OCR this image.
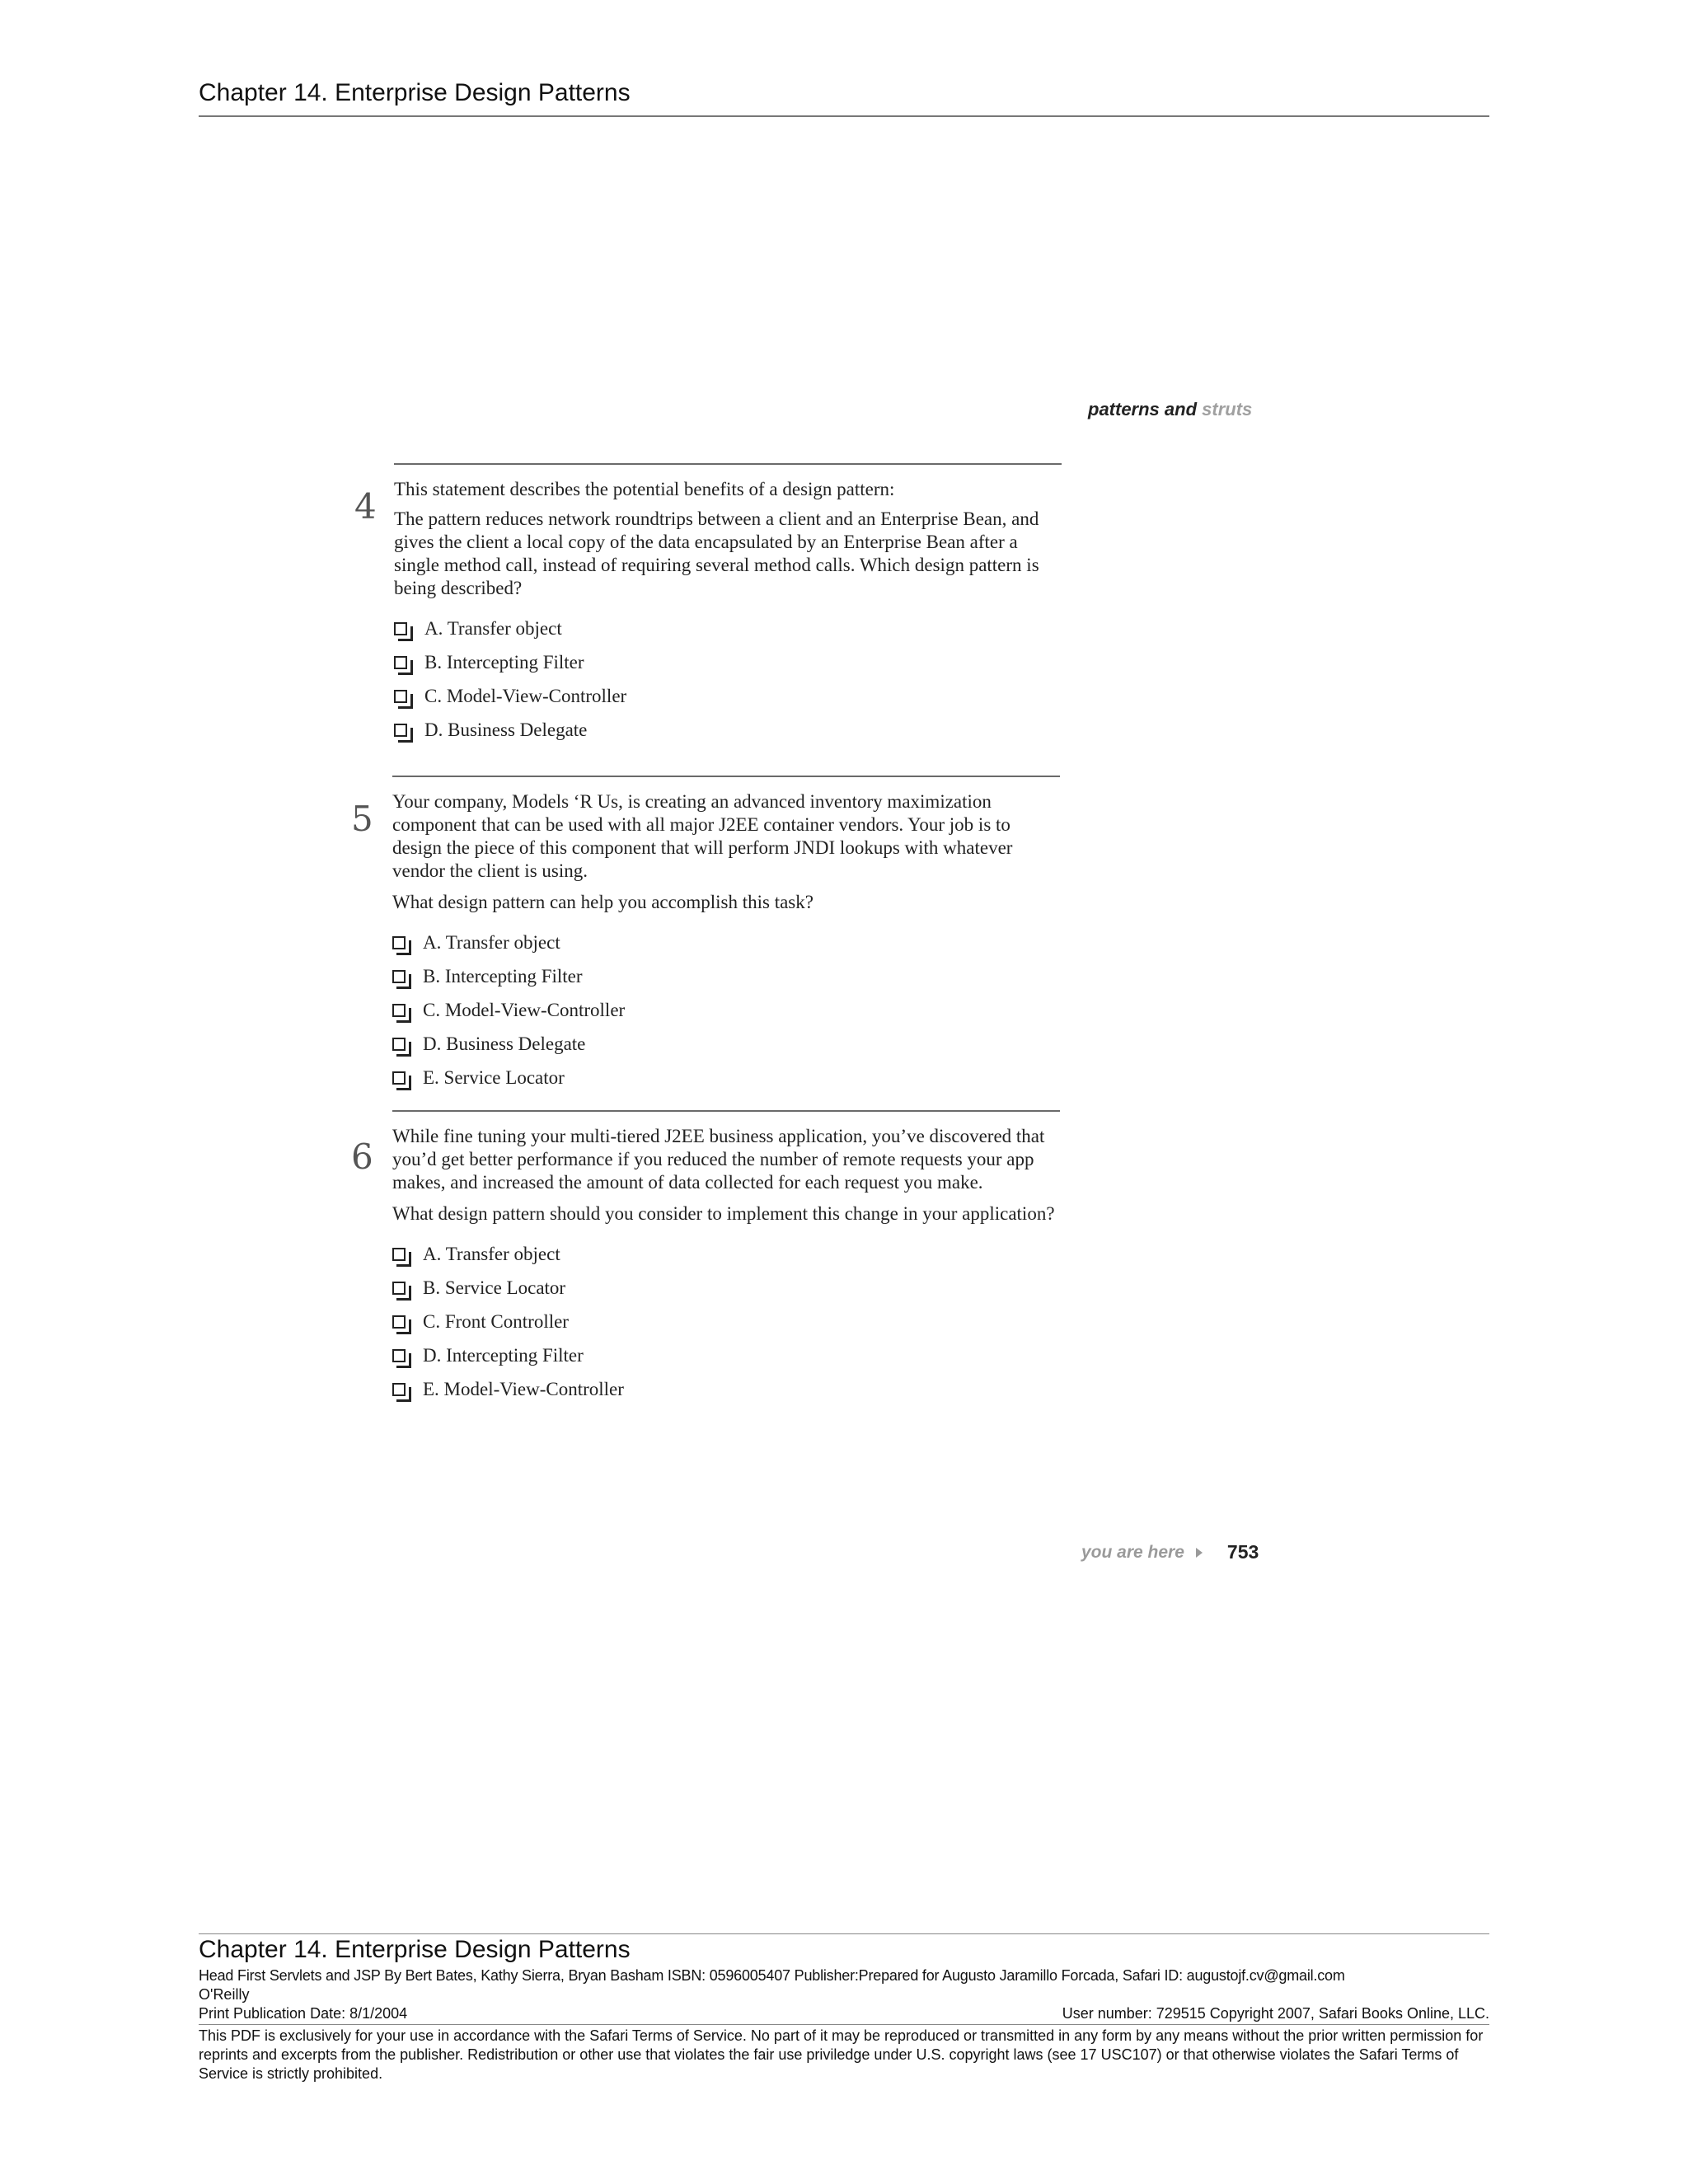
Chapter 14. Enterprise Design Patterns
patterns and struts
4 This statement describes the potential benefits of a design pattern:

The pattern reduces network roundtrips between a client and an Enterprise Bean, and gives the client a local copy of the data encapsulated by an Enterprise Bean after a single method call, instead of requiring several method calls. Which design pattern is being described?

A. Transfer object
B. Intercepting Filter
C. Model-View-Controller
D. Business Delegate
5 Your company, Models ‘R Us, is creating an advanced inventory maximization component that can be used with all major J2EE container vendors. Your job is to design the piece of this component that will perform JNDI lookups with whatever vendor the client is using.

What design pattern can help you accomplish this task?

A. Transfer object
B. Intercepting Filter
C. Model-View-Controller
D. Business Delegate
E. Service Locator
6

While fine tuning your multi-tiered J2EE business application, you’ve discovered that you’d get better performance if you reduced the number of remote requests your app makes, and increased the amount of data collected for each request you make.

What design pattern should you consider to implement this change in your application?

A. Transfer object
B. Service Locator
C. Front Controller
D. Intercepting Filter
E. Model-View-Controller
you are here 753
Chapter 14. Enterprise Design Patterns
Head First Servlets and JSP By Bert Bates, Kathy Sierra, Bryan Basham ISBN: 0596005407 Publisher:Prepared for Augusto Jaramillo Forcada, Safari ID: augustojf.cv@gmail.com
O'Reilly
Print Publication Date: 8/1/2004	User number: 729515 Copyright 2007, Safari Books Online, LLC.
This PDF is exclusively for your use in accordance with the Safari Terms of Service. No part of it may be reproduced or transmitted in any form by any means without the prior written permission for reprints and excerpts from the publisher. Redistribution or other use that violates the fair use priviledge under U.S. copyright laws (see 17 USC107) or that otherwise violates the Safari Terms of Service is strictly prohibited.
